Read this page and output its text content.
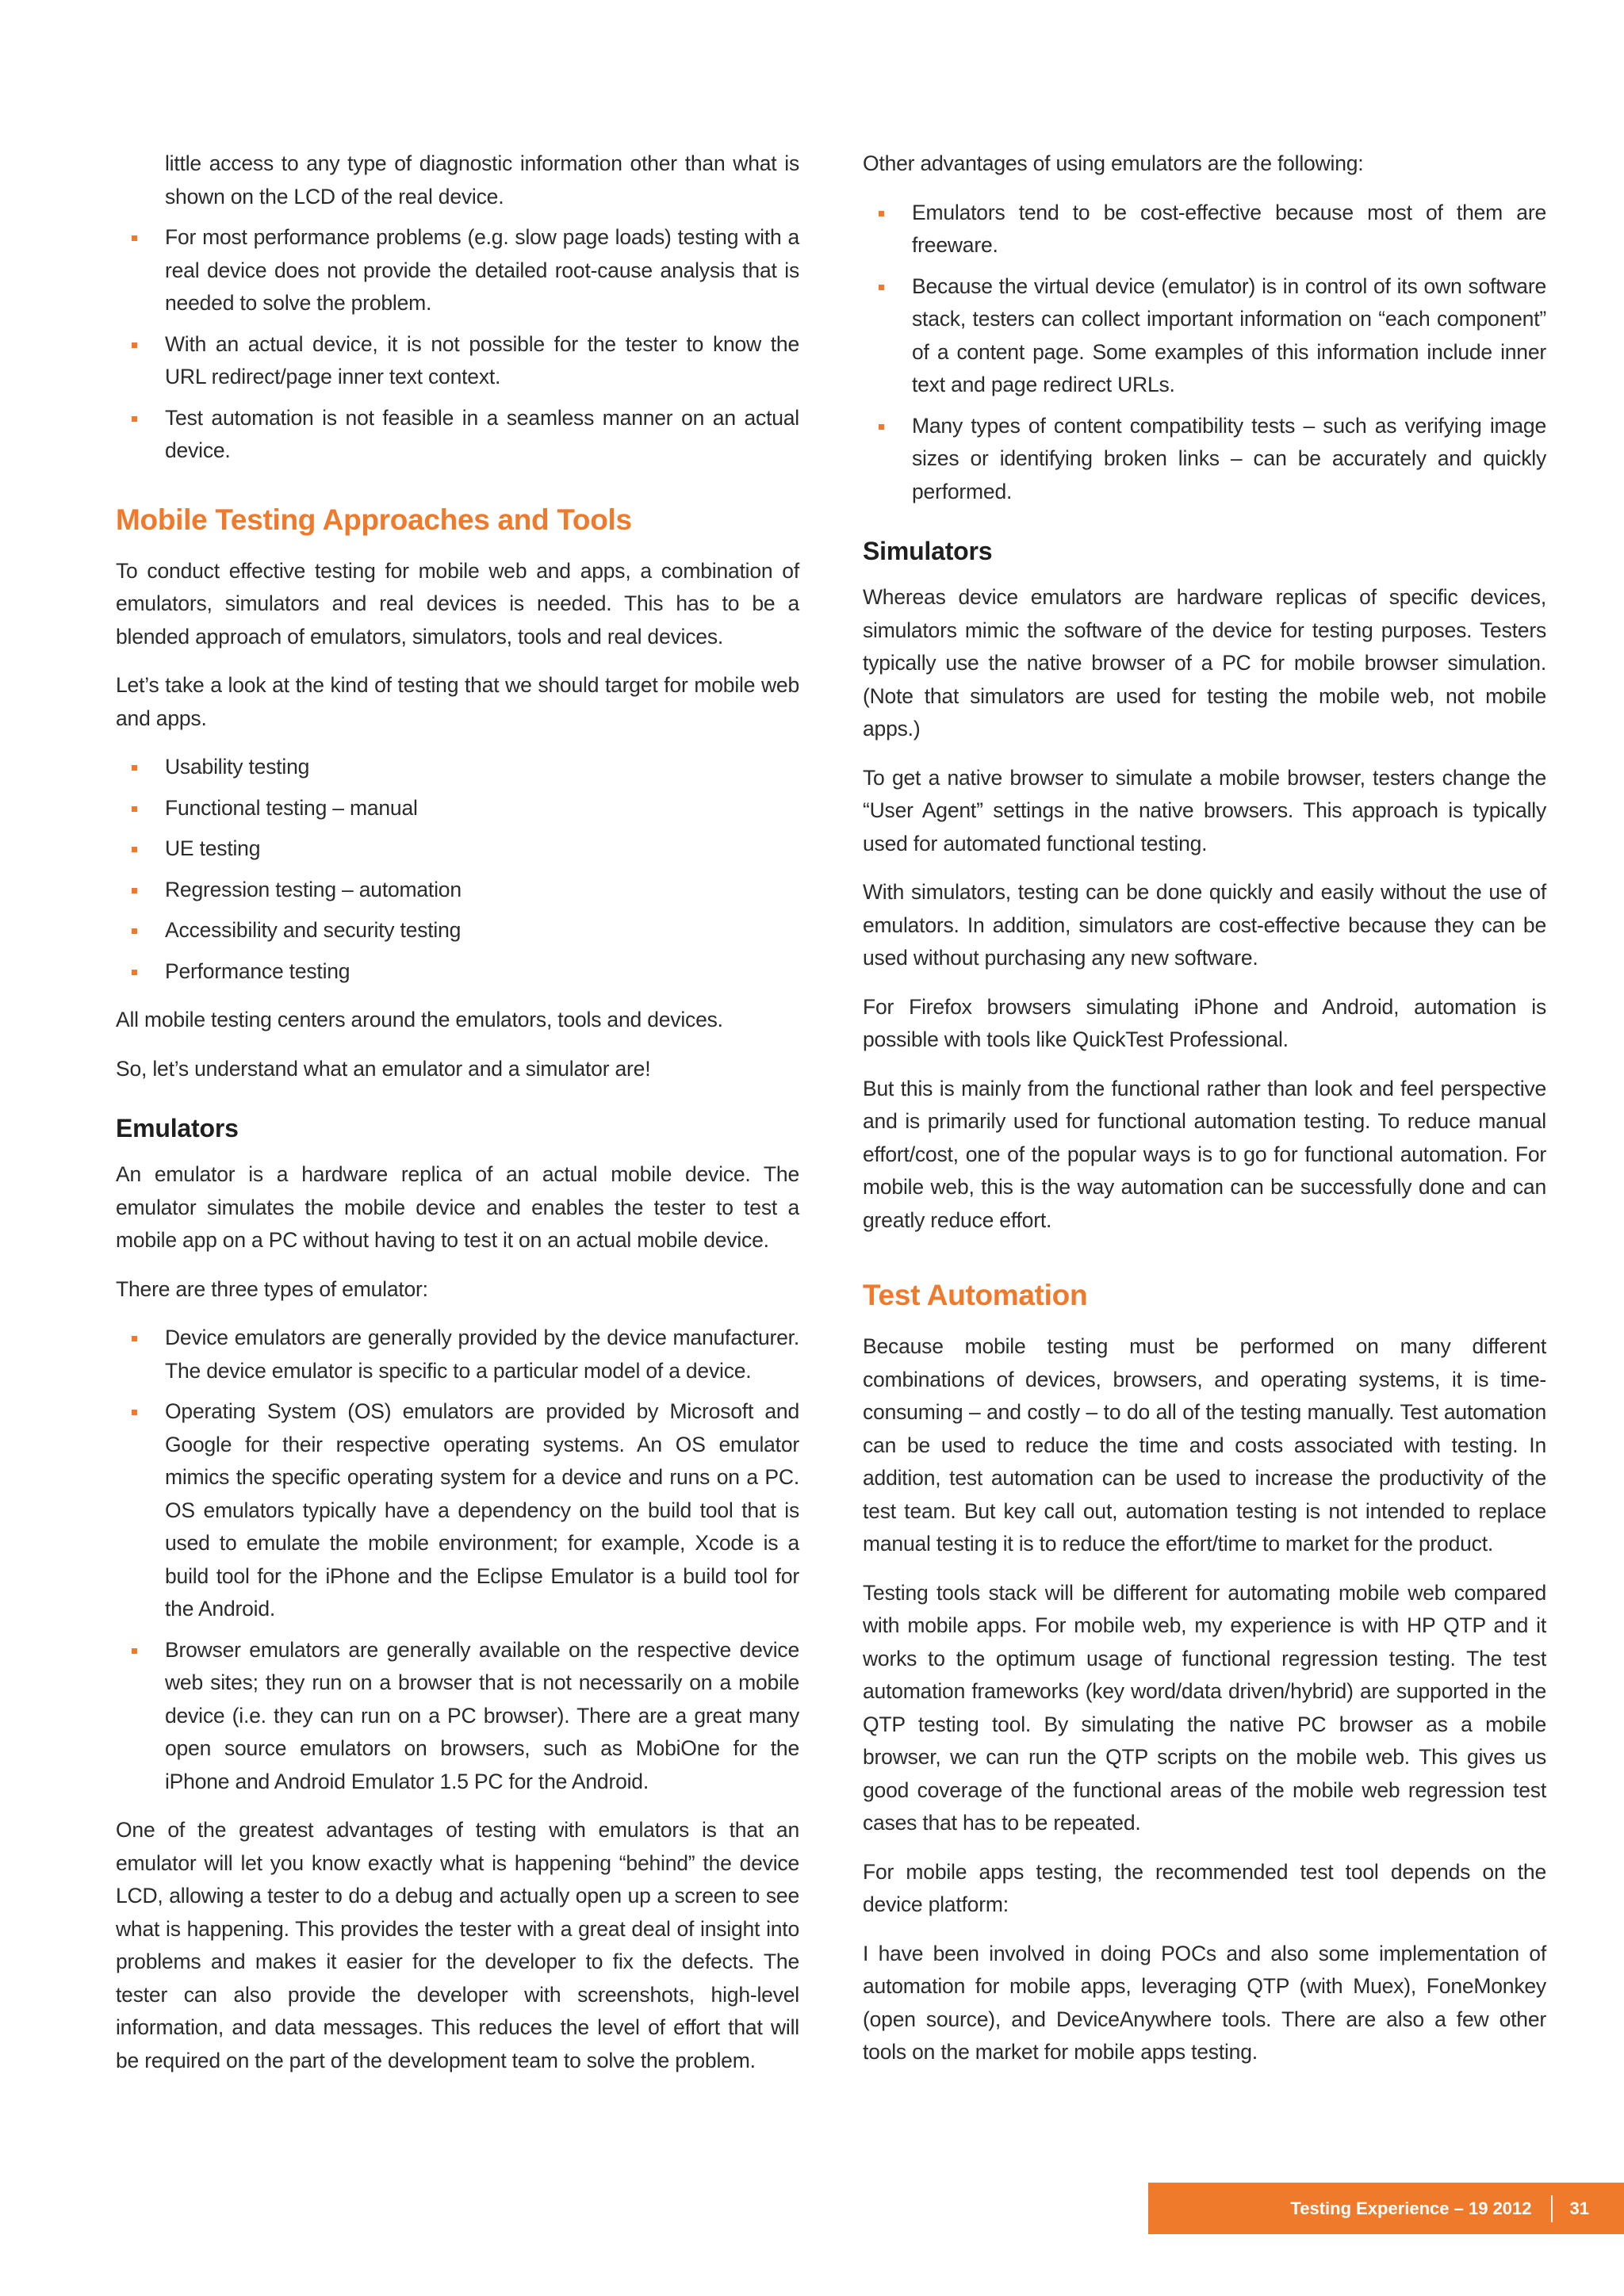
little access to any type of diagnostic information other than what is shown on the LCD of the real device.
For most performance problems (e.g. slow page loads) testing with a real device does not provide the detailed root-cause analysis that is needed to solve the problem.
With an actual device, it is not possible for the tester to know the URL redirect/page inner text context.
Test automation is not feasible in a seamless manner on an actual device.
Mobile Testing Approaches and Tools

To conduct effective testing for mobile web and apps, a combination of emulators, simulators and real devices is needed. This has to be a blended approach of emulators, simulators, tools and real devices.

Let’s take a look at the kind of testing that we should target for mobile web and apps.

Usability testing
Functional testing – manual
UE testing
Regression testing – automation
Accessibility and security testing
Performance testing

All mobile testing centers around the emulators, tools and devices.

So, let’s understand what an emulator and a simulator are!

Emulators

An emulator is a hardware replica of an actual mobile device. The emulator simulates the mobile device and enables the tester to test a mobile app on a PC without having to test it on an actual mobile device.

There are three types of emulator:

Device emulators are generally provided by the device manufacturer. The device emulator is specific to a particular model of a device.
Operating System (OS) emulators are provided by Microsoft and Google for their respective operating systems. An OS emulator mimics the specific operating system for a device and runs on a PC. OS emulators typically have a dependency on the build tool that is used to emulate the mobile environment; for example, Xcode is a build tool for the iPhone and the Eclipse Emulator is a build tool for the Android.
Browser emulators are generally available on the respective device web sites; they run on a browser that is not necessarily on a mobile device (i.e. they can run on a PC browser). There are a great many open source emulators on browsers, such as MobiOne for the iPhone and Android Emulator 1.5 PC for the Android.

One of the greatest advantages of testing with emulators is that an emulator will let you know exactly what is happening “behind” the device LCD, allowing a tester to do a debug and actually open up a screen to see what is happening. This provides the tester with a great deal of insight into problems and makes it easier for the developer to fix the defects. The tester can also provide the developer with screenshots, high-level information, and data messages. This reduces the level of effort that will be required on the part of the development team to solve the problem.

Other advantages of using emulators are the following:

Emulators tend to be cost-effective because most of them are freeware.
Because the virtual device (emulator) is in control of its own software stack, testers can collect important information on “each component” of a content page. Some examples of this information include inner text and page redirect URLs.
Many types of content compatibility tests – such as verifying image sizes or identifying broken links – can be accurately and quickly performed.
Simulators

Whereas device emulators are hardware replicas of specific devices, simulators mimic the software of the device for testing purposes. Testers typically use the native browser of a PC for mobile browser simulation. (Note that simulators are used for testing the mobile web, not mobile apps.)

To get a native browser to simulate a mobile browser, testers change the “User Agent” settings in the native browsers. This approach is typically used for automated functional testing.

With simulators, testing can be done quickly and easily without the use of emulators. In addition, simulators are cost-effective because they can be used without purchasing any new software.

For Firefox browsers simulating iPhone and Android, automation is possible with tools like QuickTest Professional.

But this is mainly from the functional rather than look and feel perspective and is primarily used for functional automation testing. To reduce manual effort/cost, one of the popular ways is to go for functional automation. For mobile web, this is the way automation can be successfully done and can greatly reduce effort.

Test Automation

Because mobile testing must be performed on many different combinations of devices, browsers, and operating systems, it is time-consuming – and costly – to do all of the testing manually. Test automation can be used to reduce the time and costs associated with testing. In addition, test automation can be used to increase the productivity of the test team. But key call out, automation testing is not intended to replace manual testing it is to reduce the effort/time to market for the product.

Testing tools stack will be different for automating mobile web compared with mobile apps. For mobile web, my experience is with HP QTP and it works to the optimum usage of functional regression testing. The test automation frameworks (key word/data driven/hybrid) are supported in the QTP testing tool. By simulating the native PC browser as a mobile browser, we can run the QTP scripts on the mobile web. This gives us good coverage of the functional areas of the mobile web regression test cases that has to be repeated.

For mobile apps testing, the recommended test tool depends on the device platform:

I have been involved in doing POCs and also some implementation of automation for mobile apps, leveraging QTP (with Muex), FoneMonkey (open source), and DeviceAnywhere tools. There are also a few other tools on the market for mobile apps testing.

Testing Experience – 19 2012 31
